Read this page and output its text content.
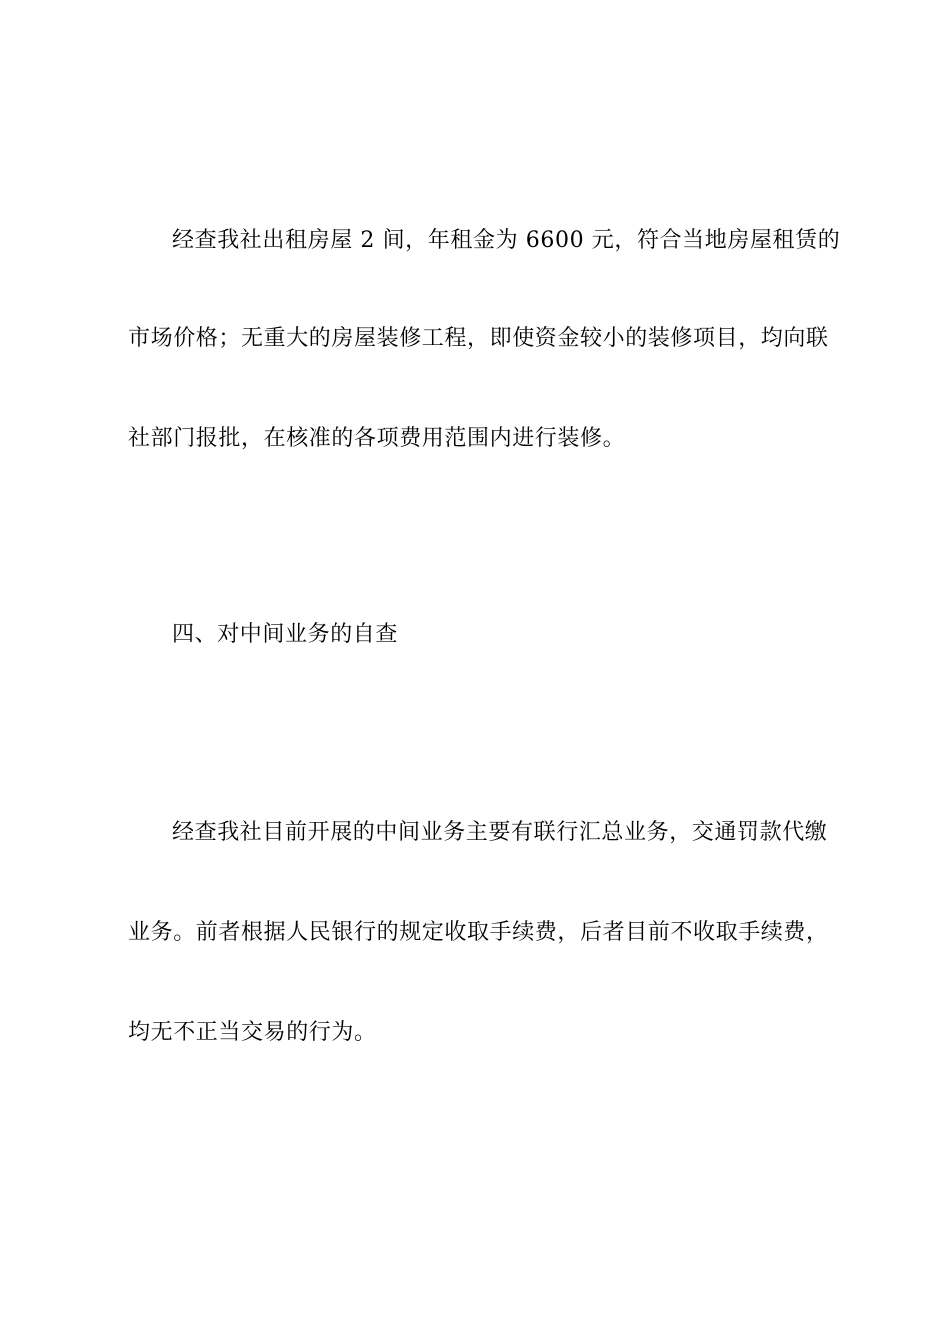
经查我社出租房屋 2 间，年租金为 6600 元，符合当地房屋租赁的
市场价格；无重大的房屋装修工程，即使资金较小的装修项目，均向联
社部门报批，在核准的各项费用范围内进行装修。
四、对中间业务的自查
经查我社目前开展的中间业务主要有联行汇总业务，交通罚款代缴
业务。前者根据人民银行的规定收取手续费，后者目前不收取手续费，
均无不正当交易的行为。
